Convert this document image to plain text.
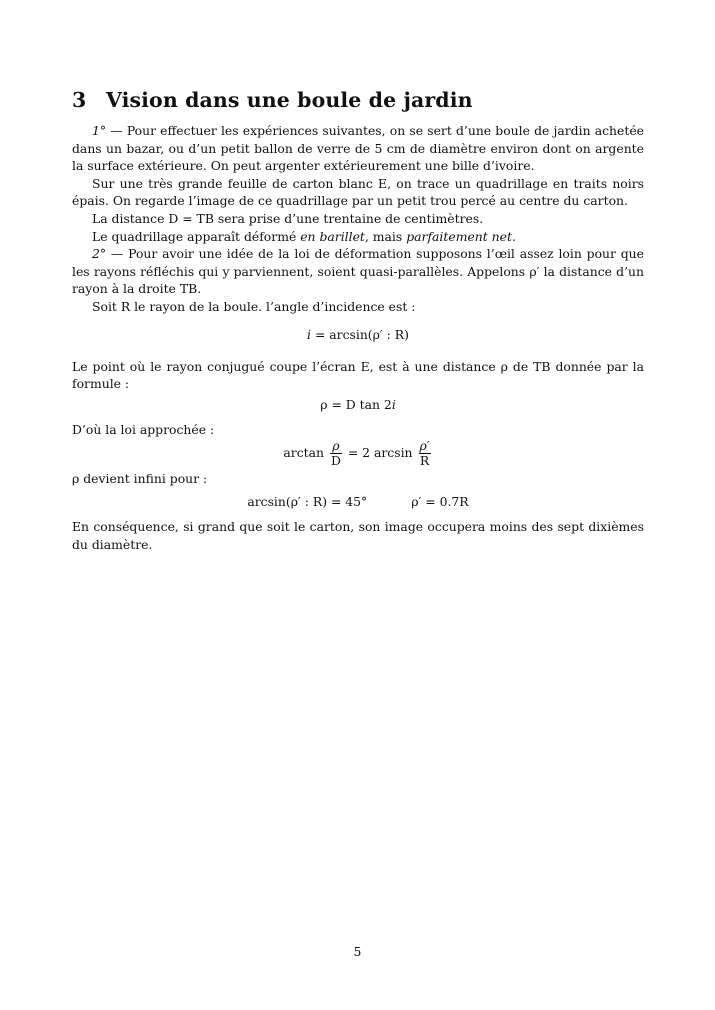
3 Vision dans une boule de jardin

1° — Pour effectuer les expériences suivantes, on se sert d’une boule de jardin achetée dans un bazar, ou d’un petit ballon de verre de 5 cm de diamètre environ dont on argente la surface extérieure. On peut argenter extérieurement une bille d’ivoire.

Sur une très grande feuille de carton blanc E, on trace un quadrillage en traits noirs épais. On regarde l’image de ce quadrillage par un petit trou percé au centre du carton.

La distance D = TB sera prise d’une trentaine de centimètres.

Le quadrillage apparaît déformé en barillet, mais parfaitement net.

2° — Pour avoir une idée de la loi de déformation supposons l’œil assez loin pour que les rayons réfléchis qui y parviennent, soient quasi-parallèles. Appelons ρ′ la distance d’un rayon à la droite TB.

Soit R le rayon de la boule. l’angle d’incidence est :

i = arcsin(ρ′ : R)

Le point où le rayon conjugué coupe l’écran E, est à une distance ρ de TB donnée par la formule :

ρ = D tan 2i

D’où la loi approchée :

$\arctan \frac{\rho}{D} = 2$ $\arcsin \frac{\rho'}{R}$

ρ devient infini pour :

arcsin(ρ′ : R) = 45°	ρ′ = 0.7R

En conséquence, si grand que soit le carton, son image occupera moins des sept dixièmes du diamètre.

5
